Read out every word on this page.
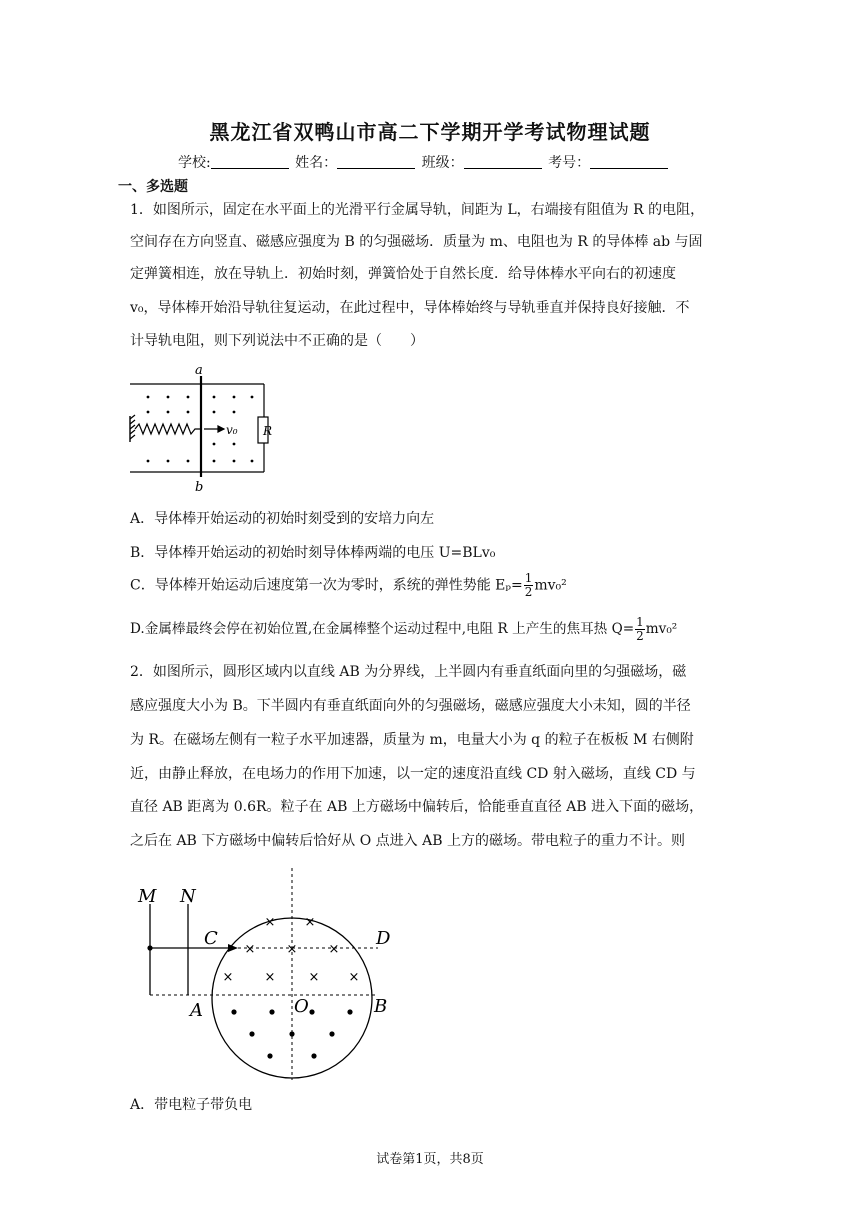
黑龙江省双鸭山市高二下学期开学考试物理试题
学校:	姓名：	班级：	考号：
一、多选题
1．如图所示，固定在水平面上的光滑平行金属导轨，间距为 L，右端接有阻值为 R 的电阻，
空间存在方向竖直、磁感应强度为 B 的匀强磁场．质量为 m、电阻也为 R 的导体棒 ab 与固
定弹簧相连，放在导轨上．初始时刻，弹簧恰处于自然长度．给导体棒水平向右的初速度
v₀，导体棒开始沿导轨往复运动，在此过程中，导体棒始终与导轨垂直并保持良好接触．不
计导轨电阻，则下列说法中不正确的是（　　）
a
b
v₀ R
A．导体棒开始运动的初始时刻受到的安培力向左
B．导体棒开始运动的初始时刻导体棒两端的电压 U=BLv₀
C．导体棒开始运动后速度第一次为零时，系统的弹性势能 $E_p= \frac{1}{2} mv_0^2$
D.金属棒最终会停在初始位置,在金属棒整个运动过程中,电阻 R 上产生的焦耳热 $Q= \frac{1}{2} mv_0^2$
2．如图所示，圆形区域内以直线 AB 为分界线，上半圆内有垂直纸面向里的匀强磁场，磁
感应强度大小为 B。下半圆内有垂直纸面向外的匀强磁场，磁感应强度大小未知，圆的半径
为 R。在磁场左侧有一粒子水平加速器，质量为 m，电量大小为 q 的粒子在板板 M 右侧附
近，由静止释放，在电场力的作用下加速，以一定的速度沿直线 CD 射入磁场，直线 CD 与
直径 AB 距离为 0.6R。粒子在 AB 上方磁场中偏转后，恰能垂直直径 AB 进入下面的磁场，
之后在 AB 下方磁场中偏转后恰好从 O 点进入 AB 上方的磁场。带电粒子的重力不计。则
× ×
× × ×
× ×	× ×
M N
C	D
A	B
O
A．带电粒子带负电
试卷第1页，共8页
